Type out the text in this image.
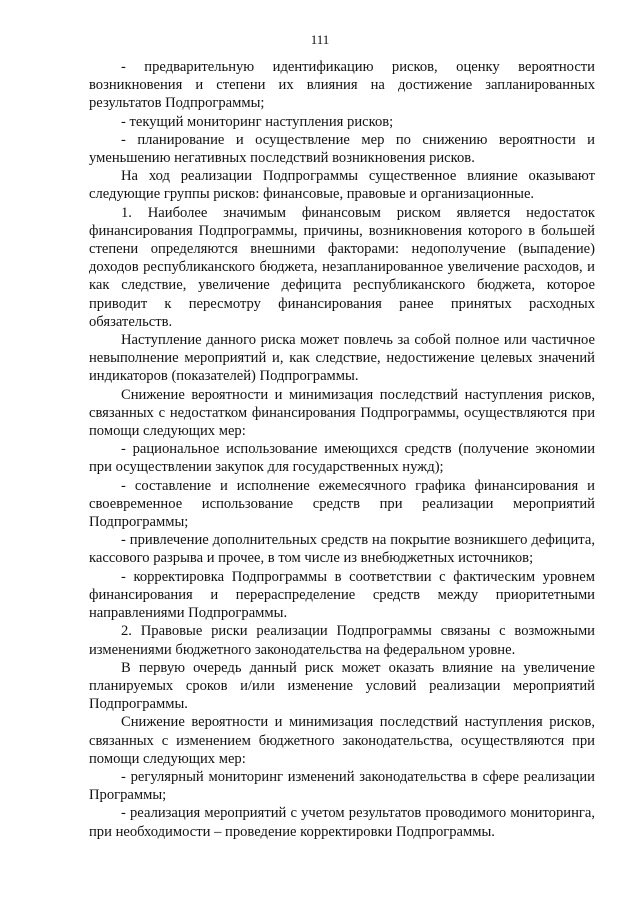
111

- предварительную идентификацию рисков, оценку вероятности возникновения и степени их влияния на достижение запланированных результатов Подпрограммы;

- текущий мониторинг наступления рисков;

- планирование и осуществление мер по снижению вероятности и уменьшению негативных последствий возникновения рисков.

На ход реализации Подпрограммы существенное влияние оказывают следующие группы рисков: финансовые, правовые и организационные.

1. Наиболее значимым финансовым риском является недостаток финансирования Подпрограммы, причины, возникновения которого в большей степени определяются внешними факторами: недополучение (выпадение) доходов республиканского бюджета, незапланированное увеличение расходов, и как следствие, увеличение дефицита республиканского бюджета, которое приводит к пересмотру финансирования ранее принятых расходных обязательств.

Наступление данного риска может повлечь за собой полное или частичное невыполнение мероприятий и, как следствие, недостижение целевых значений индикаторов (показателей) Подпрограммы.

Снижение вероятности и минимизация последствий наступления рисков, связанных с недостатком финансирования Подпрограммы, осуществляются при помощи следующих мер:

- рациональное использование имеющихся средств (получение экономии при осуществлении закупок для государственных нужд);

- составление и исполнение ежемесячного графика финансирования и своевременное использование средств при реализации мероприятий Подпрограммы;

- привлечение дополнительных средств на покрытие возникшего дефицита, кассового разрыва и прочее, в том числе из внебюджетных источников;

- корректировка Подпрограммы в соответствии с фактическим уровнем финансирования и перераспределение средств между приоритетными направлениями Подпрограммы.

2. Правовые риски реализации Подпрограммы связаны с возможными изменениями бюджетного законодательства на федеральном уровне.

В первую очередь данный риск может оказать влияние на увеличение планируемых сроков и/или изменение условий реализации мероприятий Подпрограммы.

Снижение вероятности и минимизация последствий наступления рисков, связанных с изменением бюджетного законодательства, осуществляются при помощи следующих мер:

- регулярный мониторинг изменений законодательства в сфере реализации Программы;

- реализация мероприятий с учетом результатов проводимого мониторинга, при необходимости – проведение корректировки Подпрограммы.
